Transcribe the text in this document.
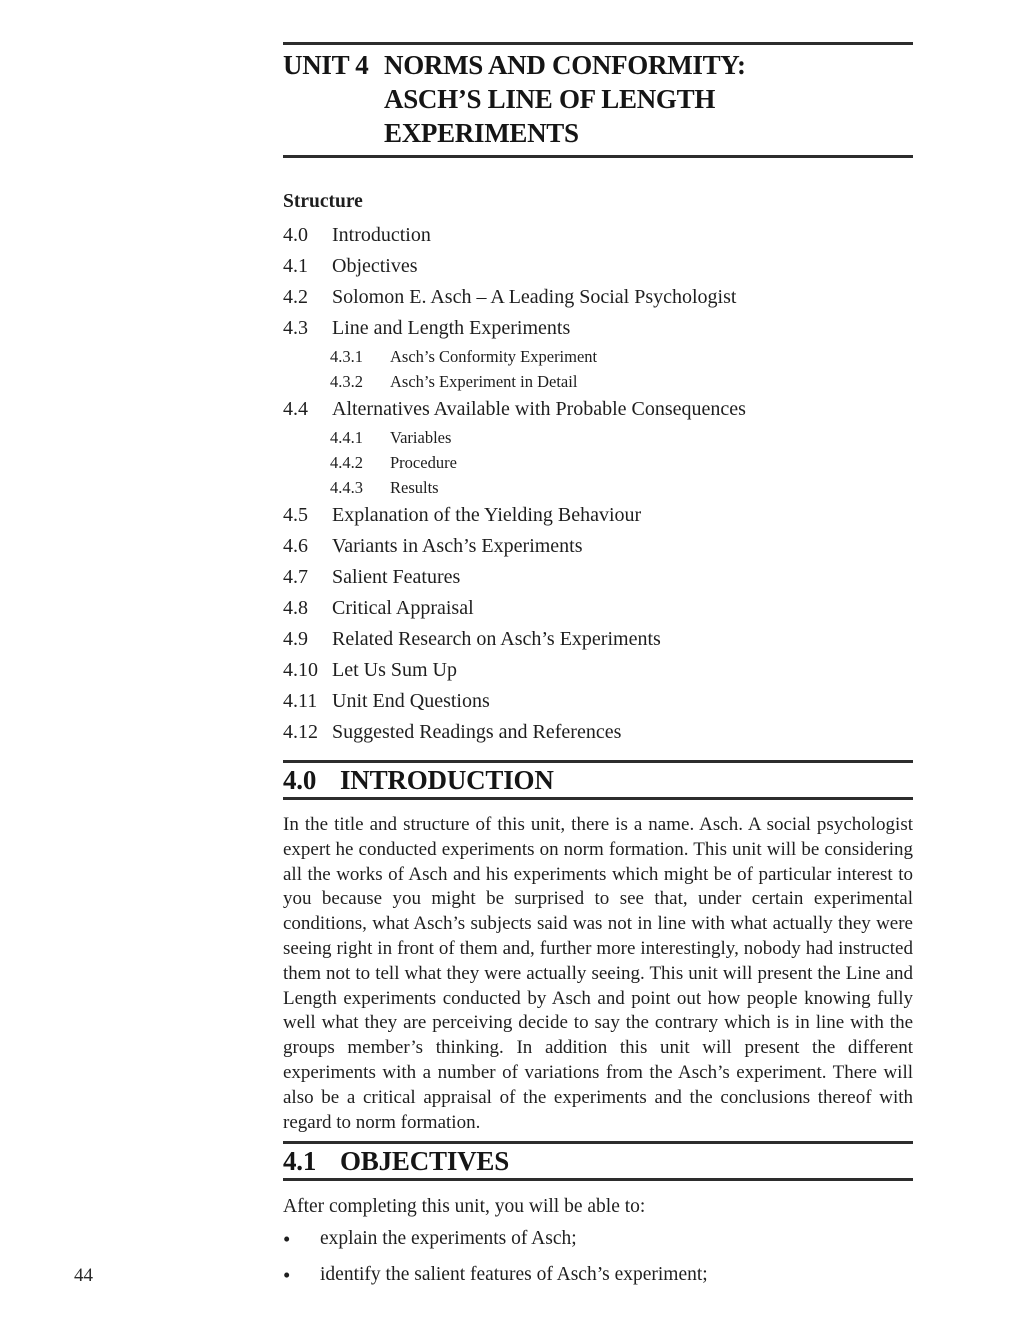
UNIT 4 NORMS AND CONFORMITY:
ASCH’S LINE OF LENGTH
EXPERIMENTS
Structure
4.0	Introduction
4.1	Objectives
4.2	Solomon E. Asch – A Leading Social Psychologist
4.3	Line and Length Experiments
4.3.1	Asch’s Conformity Experiment
4.3.2	Asch’s Experiment in Detail
4.4	Alternatives Available with Probable Consequences
4.4.1	Variables
4.4.2	Procedure
4.4.3	Results
4.5	Explanation of the Yielding Behaviour
4.6	Variants in Asch’s Experiments
4.7	Salient Features
4.8	Critical Appraisal
4.9	Related Research on Asch’s Experiments
4.10 Let Us Sum Up
4.11 Unit End Questions
4.12 Suggested Readings and References
4.0 INTRODUCTION

In the title and structure of this unit, there is a name. Asch. A social psychologist expert he conducted experiments on norm formation. This unit will be considering all the works of Asch and his experiments which might be of particular interest to you because you might be surprised to see that, under certain experimental conditions, what Asch’s subjects said was not in line with what actually they were seeing right in front of them and, further more interestingly, nobody had instructed them not to tell what they were actually seeing. This unit will present the Line and Length experiments conducted by Asch and point out how people knowing fully well what they are perceiving decide to say the contrary which is in line with the groups member’s thinking. In addition this unit will present the different experiments with a number of variations from the Asch’s experiment. There will also be a critical appraisal of the experiments and the conclusions thereof with regard to norm formation.

4.1 OBJECTIVES

After completing this unit, you will be able to:

•
explain the experiments of Asch;
•
identify the salient features of Asch’s experiment;
44
